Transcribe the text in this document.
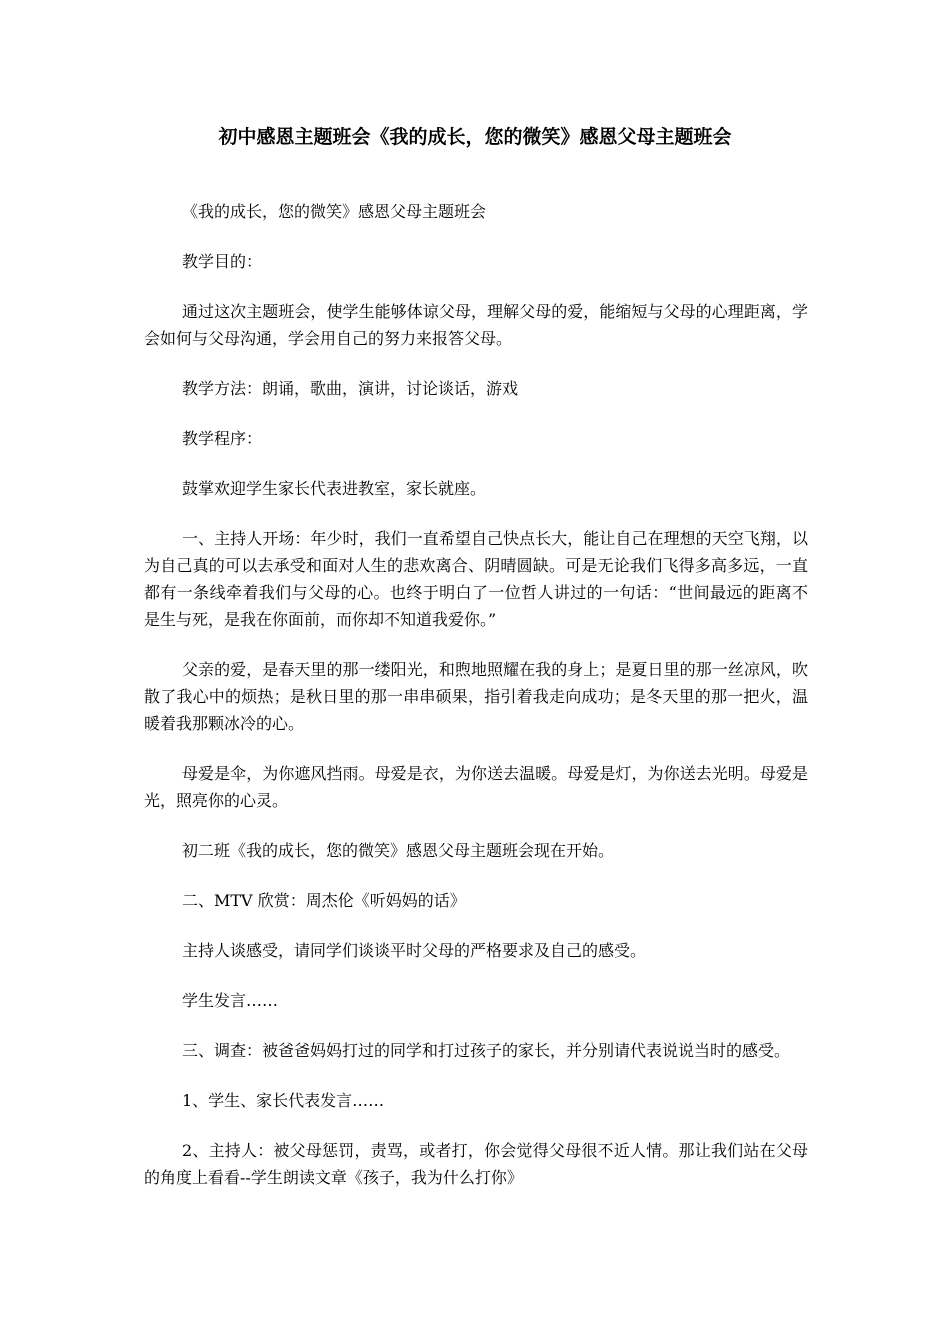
初中感恩主题班会《我的成长，您的微笑》感恩父母主题班会

《我的成长，您的微笑》感恩父母主题班会

教学目的：

通过这次主题班会，使学生能够体谅父母，理解父母的爱，能缩短与父母的心理距离，学会如何与父母沟通，学会用自己的努力来报答父母。

教学方法：朗诵，歌曲，演讲，讨论谈话，游戏

教学程序：

鼓掌欢迎学生家长代表进教室，家长就座。

一、主持人开场：年少时，我们一直希望自己快点长大，能让自己在理想的天空飞翔，以为自己真的可以去承受和面对人生的悲欢离合、阴晴圆缺。可是无论我们飞得多高多远，一直都有一条线牵着我们与父母的心。也终于明白了一位哲人讲过的一句话：“世间最远的距离不是生与死，是我在你面前，而你却不知道我爱你。”

父亲的爱，是春天里的那一缕阳光，和煦地照耀在我的身上；是夏日里的那一丝凉风，吹散了我心中的烦热；是秋日里的那一串串硕果，指引着我走向成功；是冬天里的那一把火，温暖着我那颗冰冷的心。

母爱是伞，为你遮风挡雨。母爱是衣，为你送去温暖。母爱是灯，为你送去光明。母爱是光，照亮你的心灵。

初二班《我的成长，您的微笑》感恩父母主题班会现在开始。

二、MTV 欣赏：周杰伦《听妈妈的话》

主持人谈感受，请同学们谈谈平时父母的严格要求及自己的感受。

学生发言……

三、调查：被爸爸妈妈打过的同学和打过孩子的家长，并分别请代表说说当时的感受。

1、学生、家长代表发言……

2、主持人：被父母惩罚，责骂，或者打，你会觉得父母很不近人情。那让我们站在父母的角度上看看--学生朗读文章《孩子，我为什么打你》
